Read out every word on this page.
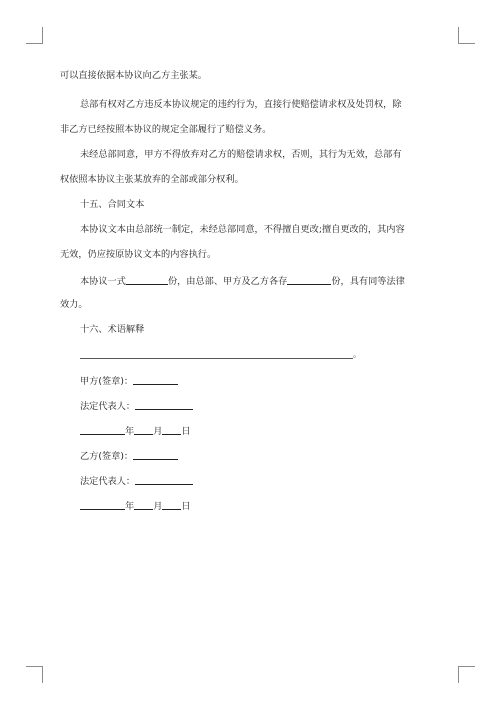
可以直接依据本协议向乙方主张某。
总部有权对乙方违反本协议规定的违约行为，直接行使赔偿请求权及处罚权，除
非乙方已经按照本协议的规定全部履行了赔偿义务。
未经总部同意，甲方不得放弃对乙方的赔偿请求权，否则，其行为无效，总部有
权依照本协议主张某放弃的全部或部分权利。
十五、合同文本
本协议文本由总部统一制定，未经总部同意，不得擅自更改;擅自更改的，其内容
无效，仍应按原协议文本的内容执行。
本协议一式	份，由总部、甲方及乙方各存	份，具有同等法律
效力。
十六、术语解释
。
甲方(签章)：
法定代表人：
年 月 日
乙方(签章)：
法定代表人：
年 月 日
